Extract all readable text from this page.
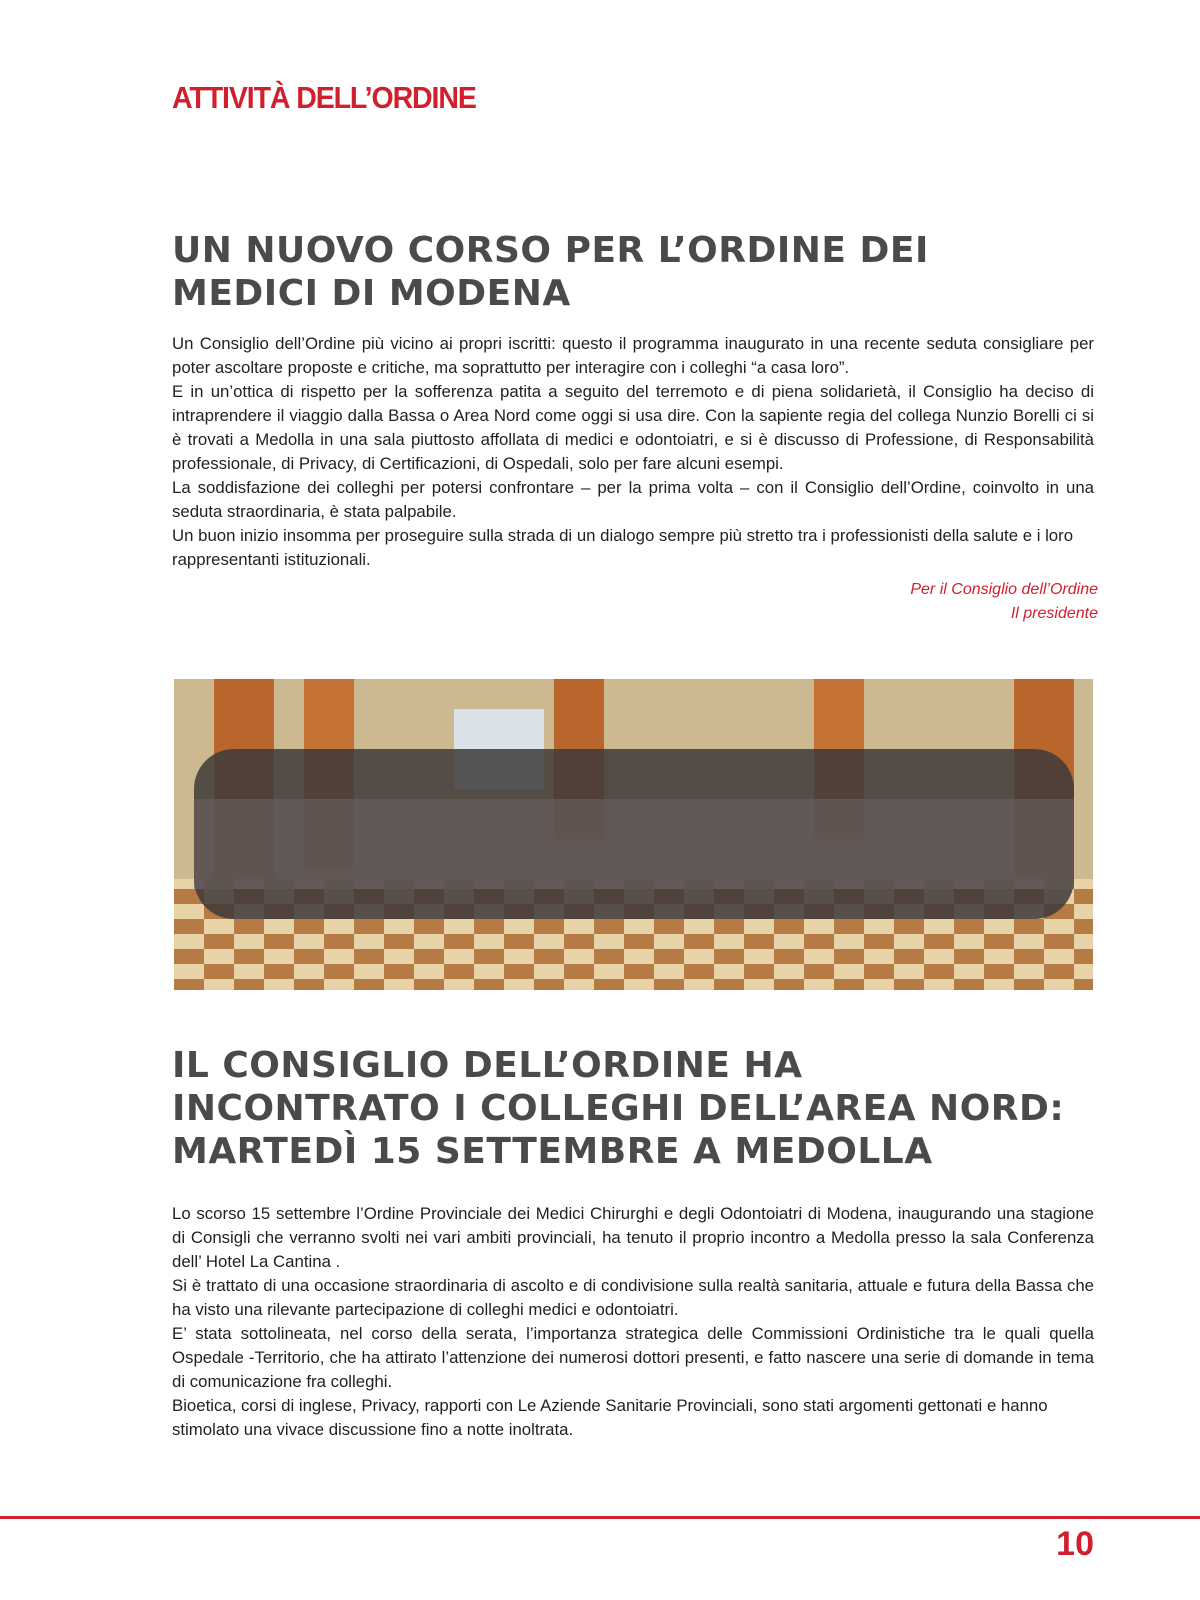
ATTIVITÀ DELL’ORDINE
UN NUOVO CORSO PER L’ORDINE DEI
MEDICI DI MODENA

Un Consiglio dell’Ordine più vicino ai propri iscritti: questo il programma inaugurato in una recente seduta consigliare per poter ascoltare proposte e critiche, ma soprattutto per interagire con i colleghi “a casa loro”.

E in un’ottica di rispetto per la sofferenza patita a seguito del terremoto e di piena solidarietà, il Consiglio ha deciso di intraprendere il viaggio dalla Bassa o Area Nord come oggi si usa dire. Con la sapiente regia del collega Nunzio Borelli ci si è trovati a Medolla in una sala piuttosto affollata di medici e odontoiatri, e si è discusso di Professione, di Responsabilità professionale, di Privacy, di Certificazioni, di Ospedali, solo per fare alcuni esempi.

La soddisfazione dei colleghi per potersi confrontare – per la prima volta – con il Consiglio dell’Ordine, coinvolto in una seduta straordinaria, è stata palpabile.

Un buon inizio insomma per proseguire sulla strada di un dialogo sempre più stretto tra i professionisti della salute e i loro rappresentanti istituzionali.

Per il Consiglio dell’Ordine
Il presidente
IL CONSIGLIO DELL’ORDINE HA
INCONTRATO I COLLEGHI DELL’AREA NORD:
MARTEDÌ 15 SETTEMBRE A MEDOLLA

Lo scorso 15 settembre l’Ordine Provinciale dei Medici Chirurghi e degli Odontoiatri di Modena, inaugurando una stagione di Consigli che verranno svolti nei vari ambiti provinciali, ha tenuto il proprio incontro a Medolla presso la sala Conferenza dell’ Hotel La Cantina .

Si è trattato di una occasione straordinaria di ascolto e di condivisione sulla realtà sanitaria, attuale e futura della Bassa che ha visto una rilevante partecipazione di colleghi medici e odontoiatri.

E’ stata sottolineata, nel corso della serata, l’importanza strategica delle Commissioni Ordinistiche tra le quali quella Ospedale -Territorio, che ha attirato l’attenzione dei numerosi dottori presenti, e fatto nascere una serie di domande in tema di comunicazione fra colleghi.

Bioetica, corsi di inglese, Privacy, rapporti con Le Aziende Sanitarie Provinciali, sono stati argomenti gettonati e hanno stimolato una vivace discussione fino a notte inoltrata.

10
